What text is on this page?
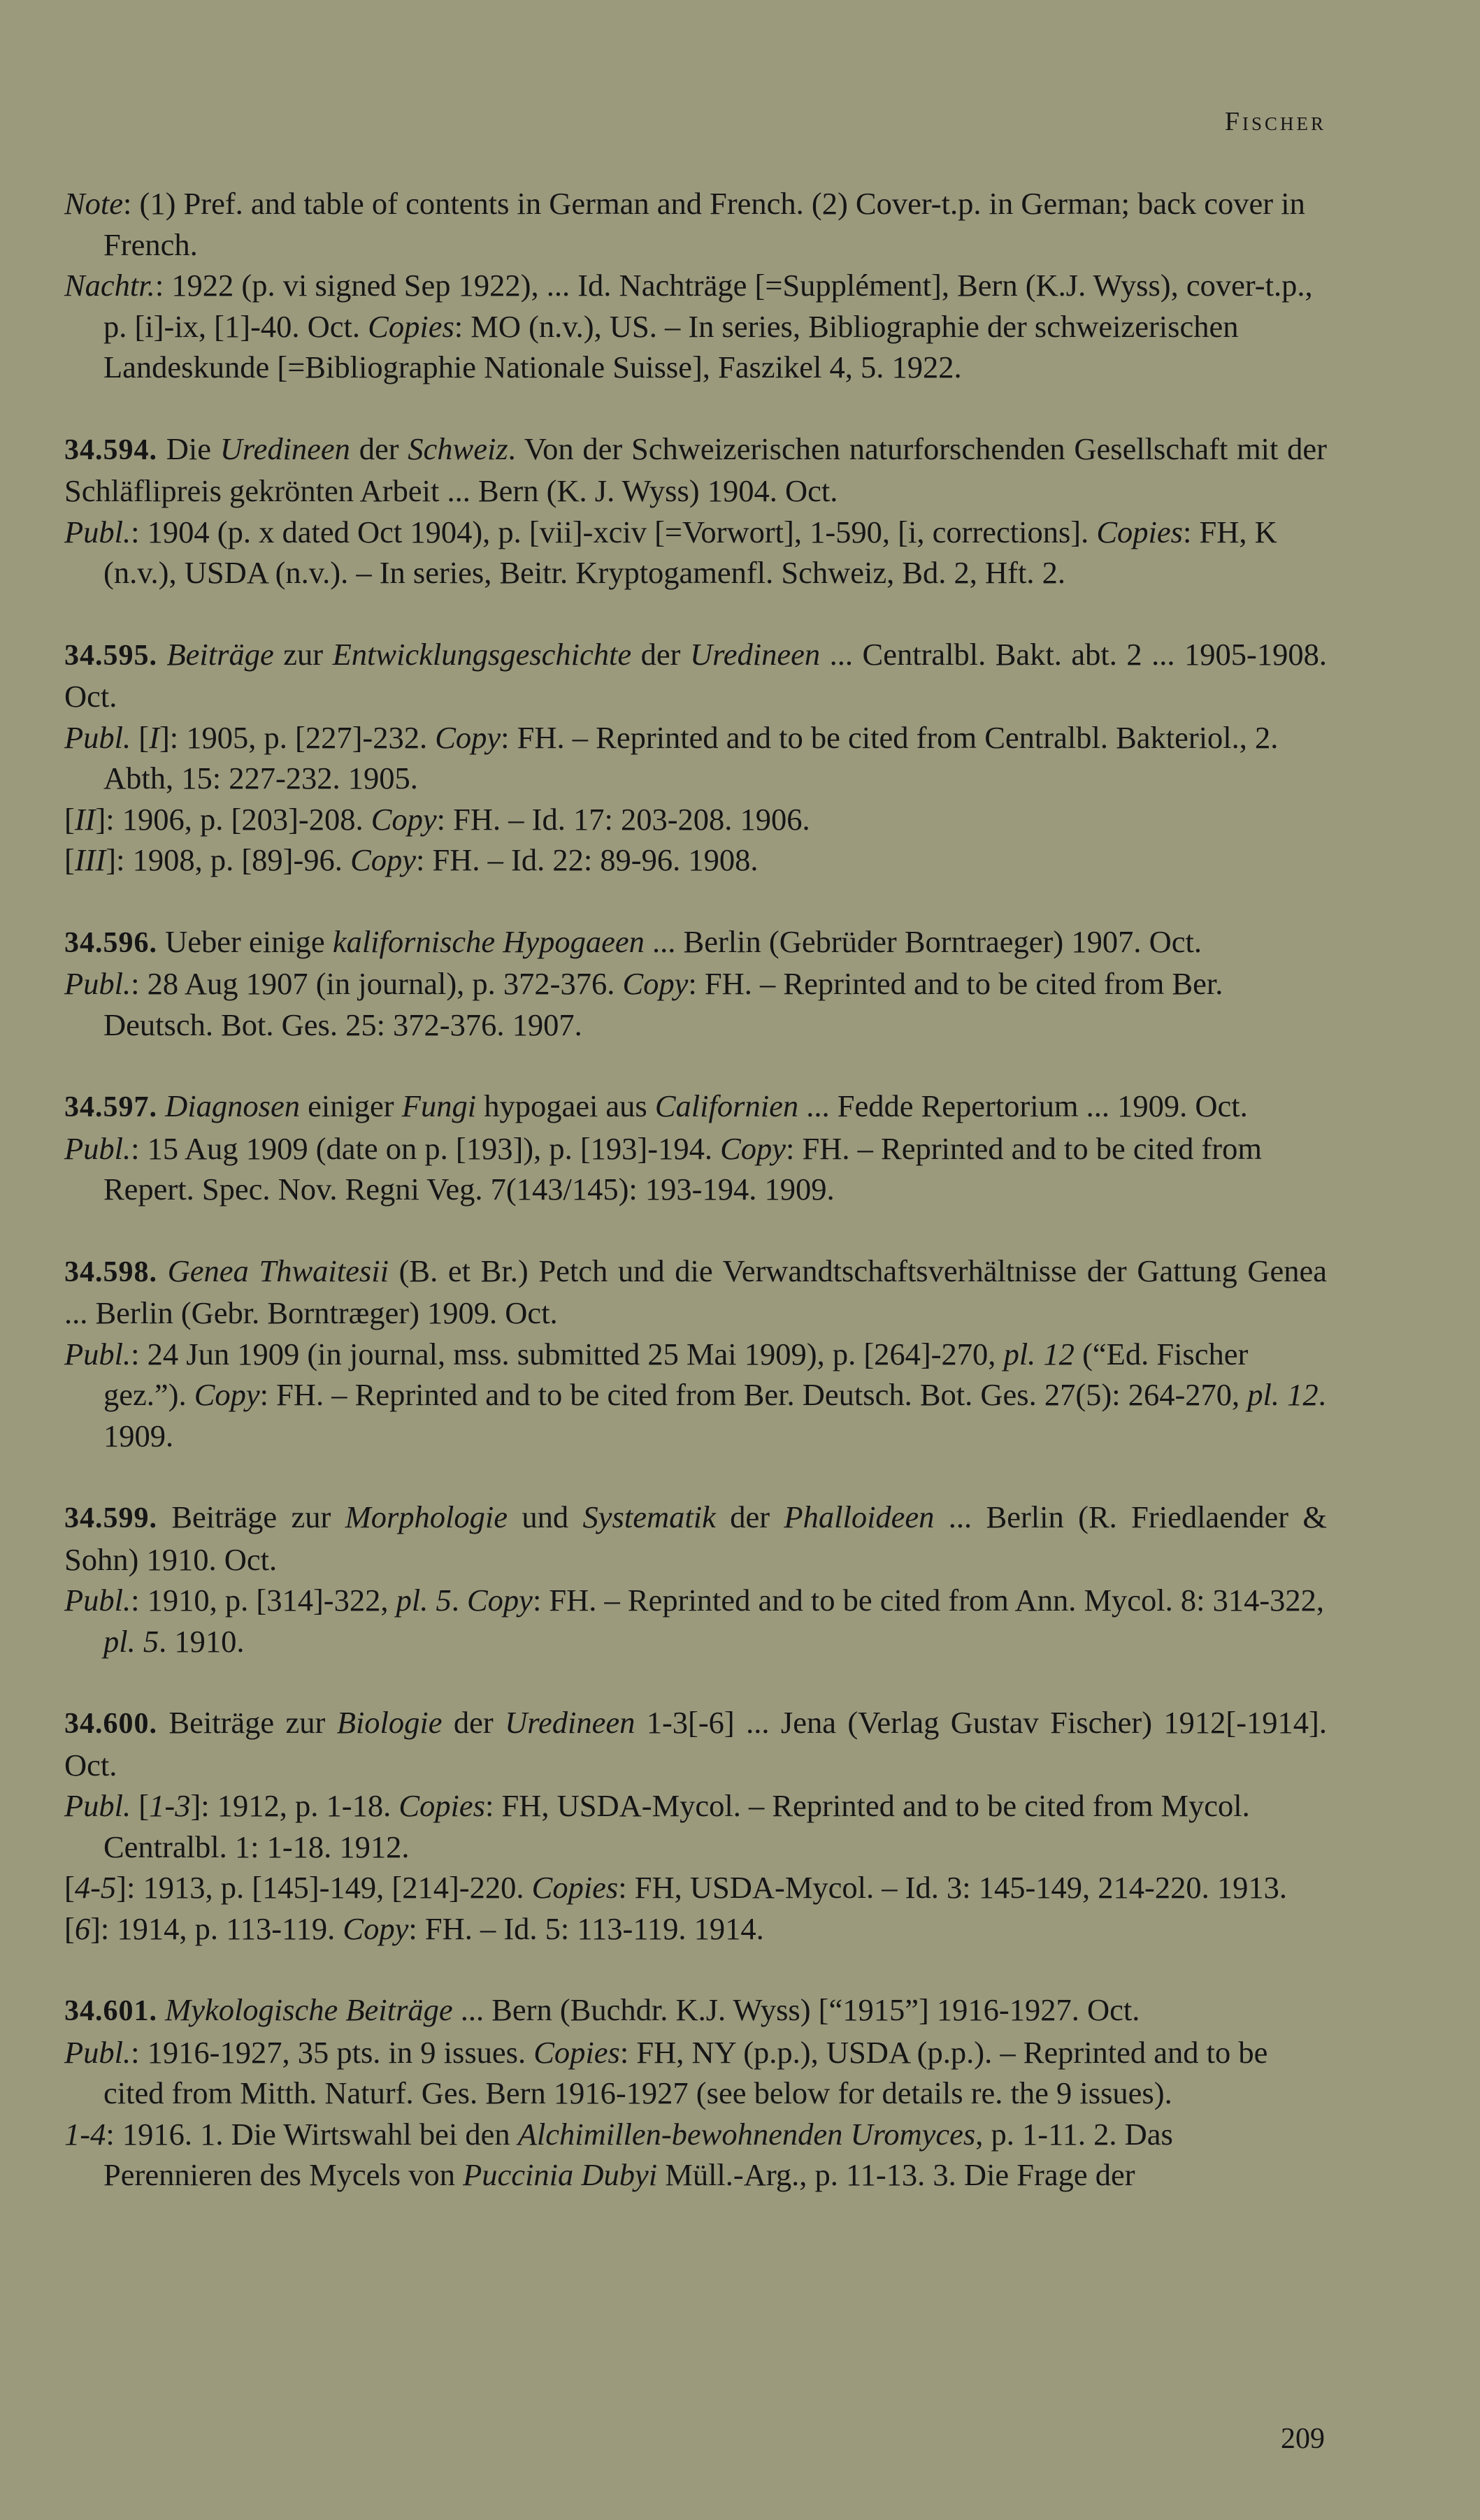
Fischer

Note: (1) Pref. and table of contents in German and French. (2) Cover-t.p. in German; back cover in French.

Nachtr.: 1922 (p. vi signed Sep 1922), ... Id. Nachträge [=Supplément], Bern (K.J. Wyss), cover-t.p., p. [i]-ix, [1]-40. Oct. Copies: MO (n.v.), US. – In series, Bibliographie der schweizerischen Landeskunde [=Bibliographie Nationale Suisse], Faszikel 4, 5. 1922.

34.594. Die Uredineen der Schweiz. Von der Schweizerischen naturforschenden Gesellschaft mit der Schläflipreis gekrönten Arbeit ... Bern (K. J. Wyss) 1904. Oct.

Publ.: 1904 (p. x dated Oct 1904), p. [vii]-xciv [=Vorwort], 1-590, [i, corrections]. Copies: FH, K (n.v.), USDA (n.v.). – In series, Beitr. Kryptogamenfl. Schweiz, Bd. 2, Hft. 2.

34.595. Beiträge zur Entwicklungsgeschichte der Uredineen ... Centralbl. Bakt. abt. 2 ... 1905-1908. Oct.

Publ. [I]: 1905, p. [227]-232. Copy: FH. – Reprinted and to be cited from Centralbl. Bakteriol., 2. Abth, 15: 227-232. 1905.

[II]: 1906, p. [203]-208. Copy: FH. – Id. 17: 203-208. 1906.

[III]: 1908, p. [89]-96. Copy: FH. – Id. 22: 89-96. 1908.

34.596. Ueber einige kalifornische Hypogaeen ... Berlin (Gebrüder Borntraeger) 1907. Oct.

Publ.: 28 Aug 1907 (in journal), p. 372-376. Copy: FH. – Reprinted and to be cited from Ber. Deutsch. Bot. Ges. 25: 372-376. 1907.

34.597. Diagnosen einiger Fungi hypogaei aus Californien ... Fedde Repertorium ... 1909. Oct.

Publ.: 15 Aug 1909 (date on p. [193]), p. [193]-194. Copy: FH. – Reprinted and to be cited from Repert. Spec. Nov. Regni Veg. 7(143/145): 193-194. 1909.

34.598. Genea Thwaitesii (B. et Br.) Petch und die Verwandtschaftsverhältnisse der Gattung Genea ... Berlin (Gebr. Borntræger) 1909. Oct.

Publ.: 24 Jun 1909 (in journal, mss. submitted 25 Mai 1909), p. [264]-270, pl. 12 (“Ed. Fischer gez.”). Copy: FH. – Reprinted and to be cited from Ber. Deutsch. Bot. Ges. 27(5): 264-270, pl. 12. 1909.

34.599. Beiträge zur Morphologie und Systematik der Phalloideen ... Berlin (R. Friedlaender & Sohn) 1910. Oct.

Publ.: 1910, p. [314]-322, pl. 5. Copy: FH. – Reprinted and to be cited from Ann. Mycol. 8: 314-322, pl. 5. 1910.

34.600. Beiträge zur Biologie der Uredineen 1-3[-6] ... Jena (Verlag Gustav Fischer) 1912[-1914]. Oct.

Publ. [1-3]: 1912, p. 1-18. Copies: FH, USDA-Mycol. – Reprinted and to be cited from Mycol. Centralbl. 1: 1-18. 1912.

[4-5]: 1913, p. [145]-149, [214]-220. Copies: FH, USDA-Mycol. – Id. 3: 145-149, 214-220. 1913.

[6]: 1914, p. 113-119. Copy: FH. – Id. 5: 113-119. 1914.

34.601. Mykologische Beiträge ... Bern (Buchdr. K.J. Wyss) [“1915”] 1916-1927. Oct.

Publ.: 1916-1927, 35 pts. in 9 issues. Copies: FH, NY (p.p.), USDA (p.p.). – Reprinted and to be cited from Mitth. Naturf. Ges. Bern 1916-1927 (see below for details re. the 9 issues).

1-4: 1916. 1. Die Wirtswahl bei den Alchimillen-bewohnenden Uromyces, p. 1-11. 2. Das Perennieren des Mycels von Puccinia Dubyi Müll.-Arg., p. 11-13. 3. Die Frage der

209
